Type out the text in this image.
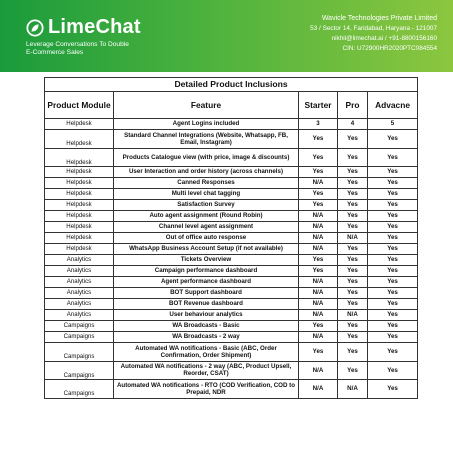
LimeChat
Leverage Conversations To Double
E-Commerce Sales
Wavicle Technologies Private Limited
53 / Sector 14, Faridabad, Haryana - 121007
nikhil@limechat.ai / +91-8800156160
CIN: U72900HR2020PTC084554
Detailed Product Inclusions				
Product Module	Feature	Starter	Pro	Advacne
Helpdesk	Agent Logins included	3	4	5
Helpdesk	Standard Channel Integrations (Website, Whatsapp, FB, Email, Instagram)	Yes	Yes	Yes
Helpdesk	Products Catalogue view (with price, image & discounts)	Yes	Yes	Yes
Helpdesk	User Interaction and order history (across channels)	Yes	Yes	Yes
Helpdesk	Canned Responses	N/A	Yes	Yes
Helpdesk	Multi level chat tagging	Yes	Yes	Yes
Helpdesk	Satisfaction Survey	Yes	Yes	Yes
Helpdesk	Auto agent assignment (Round Robin)	N/A	Yes	Yes
Helpdesk	Channel level agent assignment	N/A	Yes	Yes
Helpdesk	Out of office auto response	N/A	N/A	Yes
Helpdesk	WhatsApp Business Account Setup (if not available)	N/A	Yes	Yes
Analytics	Tickets Overview	Yes	Yes	Yes
Analytics	Campaign performance dashboard	Yes	Yes	Yes
Analytics	Agent performance dashboard	N/A	Yes	Yes
Analytics	BOT Support dashboard	N/A	Yes	Yes
Analytics	BOT Revenue dashboard	N/A	Yes	Yes
Analytics	User behaviour analytics	N/A	N/A	Yes
Campaigns	WA Broadcasts - Basic	Yes	Yes	Yes
Campaigns	WA Broadcasts - 2 way	N/A	Yes	Yes
Campaigns	Automated WA notifications - Basic (ABC, Order Confirmation, Order Shipment)	Yes	Yes	Yes
Campaigns	Automated WA notifications - 2 way (ABC, Product Upsell, Reorder, CSAT)	N/A	Yes	Yes
Campaigns	Automated WA notifications - RTO (COD Verification, COD to Prepaid, NDR	N/A	N/A	Yes
